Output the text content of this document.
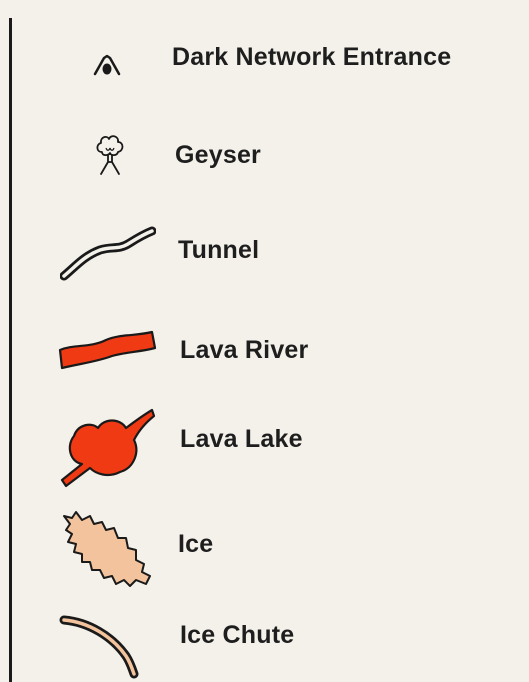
Dark Network Entrance
Geyser
Tunnel
Lava River
Lava Lake
Ice
Ice Chute
